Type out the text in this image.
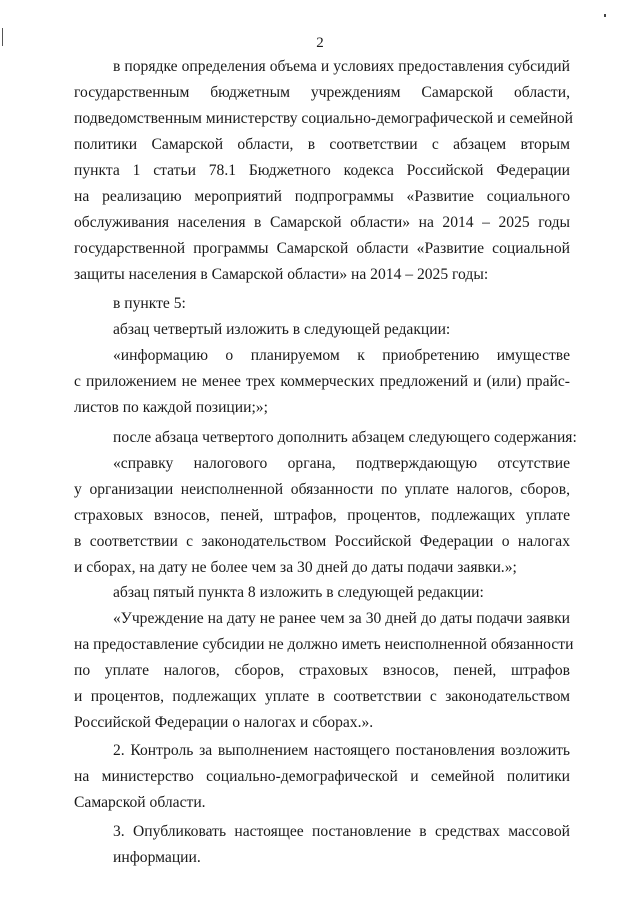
2
в порядке определения объема и условиях предоставления субсидий
государственным бюджетным учреждениям Самарской области,
подведомственным министерству социально-демографической и семейной
политики Самарской области, в соответствии с абзацем вторым
пункта 1 статьи 78.1 Бюджетного кодекса Российской Федерации
на реализацию мероприятий подпрограммы «Развитие социального
обслуживания населения в Самарской области» на 2014 – 2025 годы
государственной программы Самарской области «Развитие социальной
защиты населения в Самарской области» на 2014 – 2025 годы:
в пункте 5:
абзац четвертый изложить в следующей редакции:
«информацию о планируемом к приобретению имуществе
с приложением не менее трех коммерческих предложений и (или) прайс-
листов по каждой позиции;»;
после абзаца четвертого дополнить абзацем следующего содержания:
«справку налогового органа, подтверждающую отсутствие
у организации неисполненной обязанности по уплате налогов, сборов,
страховых взносов, пеней, штрафов, процентов, подлежащих уплате
в соответствии с законодательством Российской Федерации о налогах
и сборах, на дату не более чем за 30 дней до даты подачи заявки.»;
абзац пятый пункта 8 изложить в следующей редакции:
«Учреждение на дату не ранее чем за 30 дней до даты подачи заявки
на предоставление субсидии не должно иметь неисполненной обязанности
по уплате налогов, сборов, страховых взносов, пеней, штрафов
и процентов, подлежащих уплате в соответствии с законодательством
Российской Федерации о налогах и сборах.».
2. Контроль за выполнением настоящего постановления возложить
на министерство социально-демографической и семейной политики
Самарской области.
3. Опубликовать настоящее постановление в средствах массовой
информации.
